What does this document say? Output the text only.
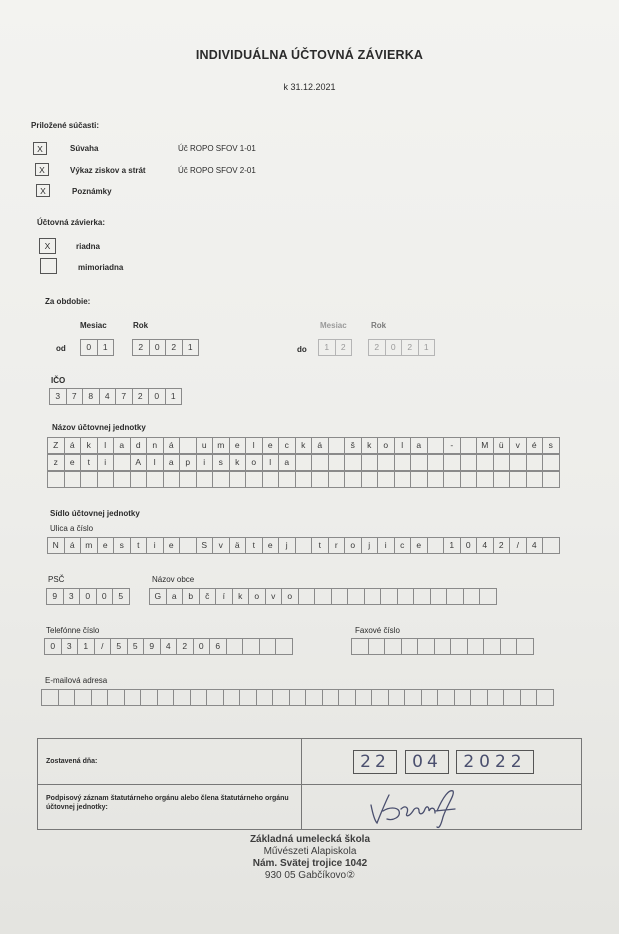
INDIVIDUÁLNA ÚČTOVNÁ ZÁVIERKA
k 31.12.2021
Priložené súčasti:
X	Súvaha	Úč ROPO SFOV 1-01
X	Výkaz ziskov a strát	Úč ROPO SFOV 2-01
X	Poznámky
Účtovná závierka:
X	riadna
mimoriadna
Za obdobie:
Mesiac	Rok
od	0	1	2	0	2	1
Mesiac	Rok
do	1	2	2	0	2	1
IČO
3	7	8	4	7	2	0	1
Názov účtovnej jednotky
Z	á	k	l	a	d	n	á	u	m	e	l	e	c	k	á	š	k	o	l	a	-	M	ü	v	é	s
z	e	t	i	A	l	a	p	i	s	k	o	l	a
Sídlo účtovnej jednotky
Ulica a číslo
N	á	m	e	s	t	i	e	S	v	ä	t	e	j	t	r	o	j	i	c	e	1	0	4	2	/	4
PSČ	Názov obce
9	3	0	0	5	G	a	b	č	í	k	o	v	o
Telefónne číslo	Faxové číslo
0	3	1	/	5	5	9	4	2	0	6
E-mailová adresa
Zostavená dňa:	22	04	2022
Podpisový záznam štatutárneho orgánu alebo člena štatutárneho orgánu účtovnej jednotky:
Základná umelecká škola
Művészeti Alapiskola
Nám. Svätej trojice 1042
930 05 Gabčíkovo②
